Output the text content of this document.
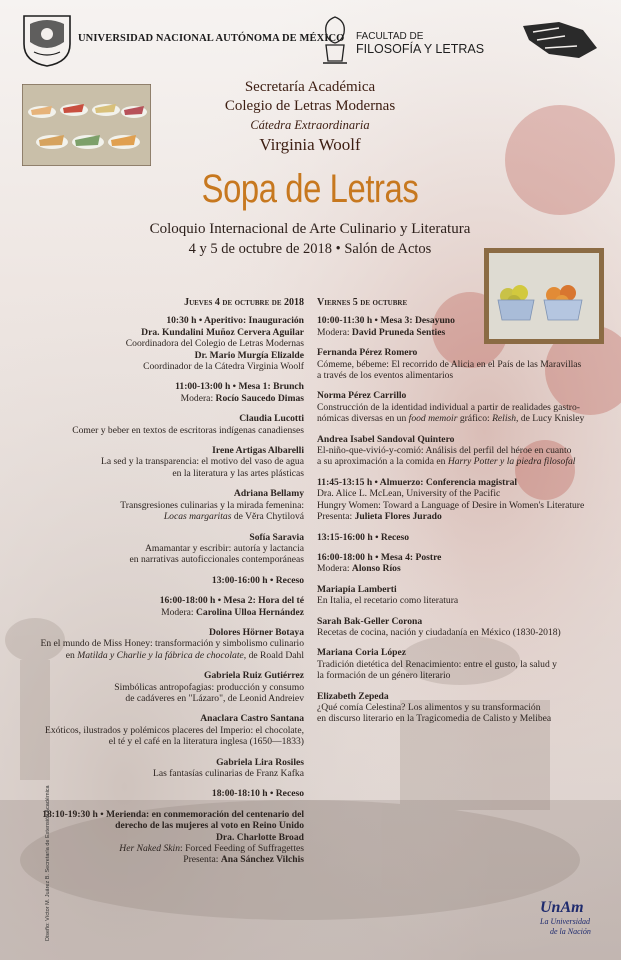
UNIVERSIDAD NACIONAL AUTÓNOMA DE MÉXICO FACULTAD DE
FILOSOFÍA Y LETRAS
Secretaría Académica
Colegio de Letras Modernas
Cátedra Extraordinaria
Virginia Woolf
Sopa de Letras
Coloquio Internacional de Arte Culinario y Literatura
4 y 5 de octubre de 2018 • Salón de Actos
Jueves 4 de octubre de 2018
10:30 h • Aperitivo: Inauguración
Dra. Kundalini Muñoz Cervera Aguilar
Coordinadora del Colegio de Letras Modernas
Dr. Mario Murgía Elizalde
Coordinador de la Cátedra Virginia Woolf
11:00-13:00 h • Mesa 1: Brunch
Modera: Rocío Saucedo Dimas
Claudia Lucotti
Comer y beber en textos de escritoras indígenas canadienses
Irene Artigas Albarelli
La sed y la transparencia: el motivo del vaso de agua
en la literatura y las artes plásticas
Adriana Bellamy
Transgresiones culinarias y la mirada femenina:
Locas margaritas de Věra Chytilová
Sofía Saravia
Amamantar y escribir: autoría y lactancia
en narrativas autoficcionales contemporáneas
13:00-16:00 h • Receso
16:00-18:00 h • Mesa 2: Hora del té
Modera: Carolina Ulloa Hernández
Dolores Hörner Botaya
En el mundo de Miss Honey: transformación y simbolismo culinario
en Matilda y Charlie y la fábrica de chocolate, de Roald Dahl
Gabriela Ruiz Gutiérrez
Simbólicas antropofagias: producción y consumo
de cadáveres en "Lázaro", de Leonid Andreiev
Anaclara Castro Santana
Exóticos, ilustrados y polémicos placeres del Imperio: el chocolate,
el té y el café en la literatura inglesa (1650—1833)
Gabriela Lira Rosiles
Las fantasías culinarias de Franz Kafka
18:00-18:10 h • Receso
18:10-19:30 h • Merienda: en conmemoración del centenario del
derecho de las mujeres al voto en Reino Unido
Dra. Charlotte Broad
Her Naked Skin: Forced Feeding of Suffragettes
Presenta: Ana Sánchez Vilchis
Viernes 5 de octubre
10:00-11:30 h • Mesa 3: Desayuno
Modera: David Pruneda Senties
Fernanda Pérez Romero
Cómeme, bébeme: El recorrido de Alicia en el País de las Maravillas
a través de los eventos alimentarios
Norma Pérez Carrillo
Construcción de la identidad individual a partir de realidades gastro-
nómicas diversas en un food memoir gráfico: Relish, de Lucy Knisley
Andrea Isabel Sandoval Quintero
El-niño-que-vivió-y-comió: Análisis del perfil del héroe en cuanto
a su aproximación a la comida en Harry Potter y la piedra filosofal
11:45-13:15 h • Almuerzo: Conferencia magistral
Dra. Alice L. McLean, University of the Pacific
Hungry Women: Toward a Language of Desire in Women's Literature
Presenta: Julieta Flores Jurado
13:15-16:00 h • Receso
16:00-18:00 h • Mesa 4: Postre
Modera: Alonso Ríos
Mariapia Lamberti
En Italia, el recetario como literatura
Sarah Bak-Geller Corona
Recetas de cocina, nación y ciudadanía en México (1830-2018)
Mariana Coria López
Tradición dietética del Renacimiento: entre el gusto, la salud y
la formación de un género literario
Elizabeth Zepeda
¿Qué comía Celestina? Los alimentos y su transformación
en discurso literario en la Tragicomedia de Calisto y Melibea
Diseño: Víctor M. Juárez B. Secretaría de Extensión Académica	UnAm
La Universidad
de la Nación
